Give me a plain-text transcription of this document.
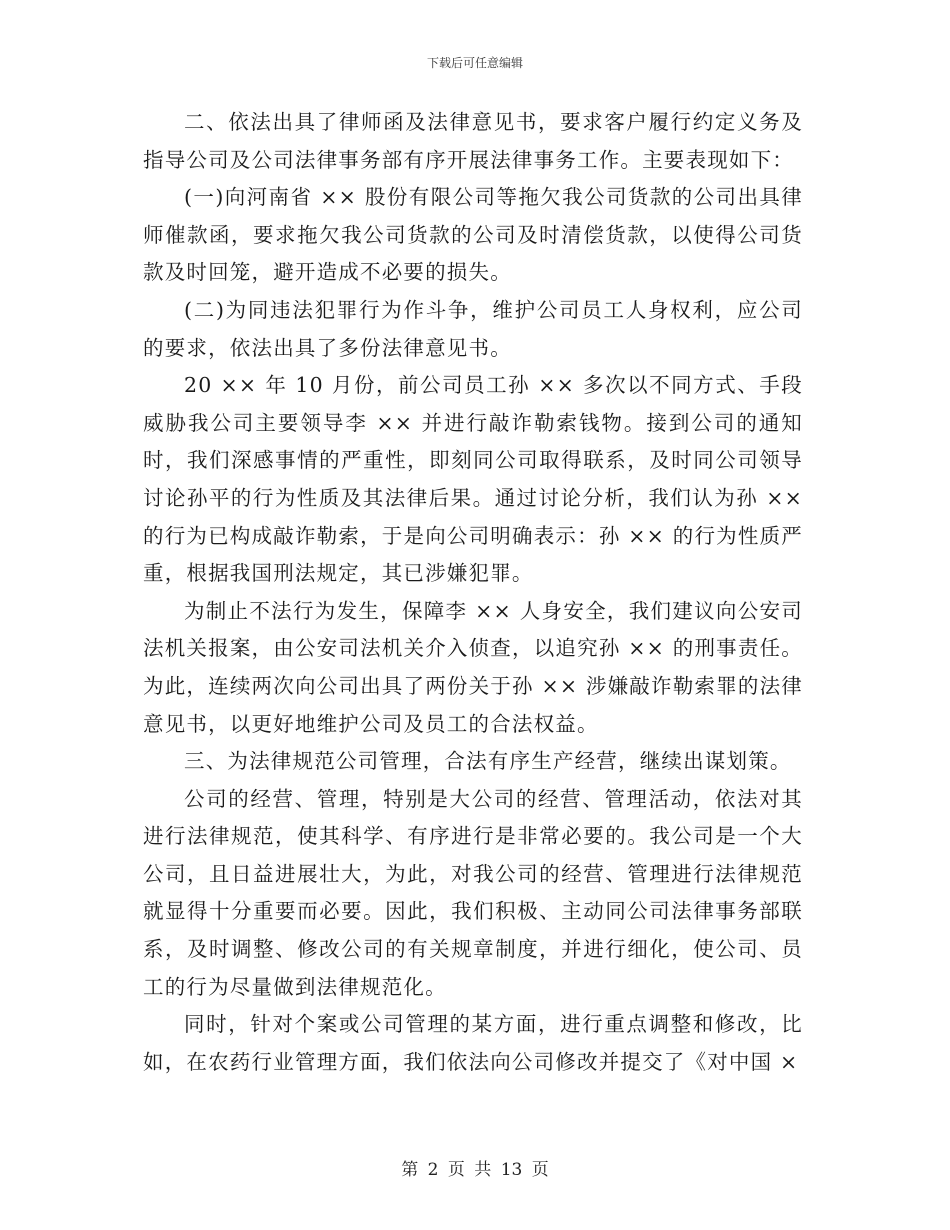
下载后可任意编辑

二、依法出具了律师函及法律意见书，要求客户履行约定义务及指导公司及公司法律事务部有序开展法律事务工作。主要表现如下：

(一)向河南省 ×× 股份有限公司等拖欠我公司货款的公司出具律师催款函，要求拖欠我公司货款的公司及时清偿货款，以使得公司货款及时回笼，避开造成不必要的损失。

(二)为同违法犯罪行为作斗争，维护公司员工人身权利，应公司的要求，依法出具了多份法律意见书。

20 ×× 年 10 月份，前公司员工孙 ×× 多次以不同方式、手段威胁我公司主要领导李 ×× 并进行敲诈勒索钱物。接到公司的通知时，我们深感事情的严重性，即刻同公司取得联系，及时同公司领导讨论孙平的行为性质及其法律后果。通过讨论分析，我们认为孙 ×× 的行为已构成敲诈勒索，于是向公司明确表示：孙 ×× 的行为性质严重，根据我国刑法规定，其已涉嫌犯罪。

为制止不法行为发生，保障李 ×× 人身安全，我们建议向公安司法机关报案，由公安司法机关介入侦查，以追究孙 ×× 的刑事责任。为此，连续两次向公司出具了两份关于孙 ×× 涉嫌敲诈勒索罪的法律意见书，以更好地维护公司及员工的合法权益。

三、为法律规范公司管理，合法有序生产经营，继续出谋划策。

公司的经营、管理，特别是大公司的经营、管理活动，依法对其进行法律规范，使其科学、有序进行是非常必要的。我公司是一个大公司，且日益进展壮大，为此，对我公司的经营、管理进行法律规范就显得十分重要而必要。因此，我们积极、主动同公司法律事务部联系，及时调整、修改公司的有关规章制度，并进行细化，使公司、员工的行为尽量做到法律规范化。

同时，针对个案或公司管理的某方面，进行重点调整和修改，比如，在农药行业管理方面，我们依法向公司修改并提交了《对中国 ×

第 2 页 共 13 页
